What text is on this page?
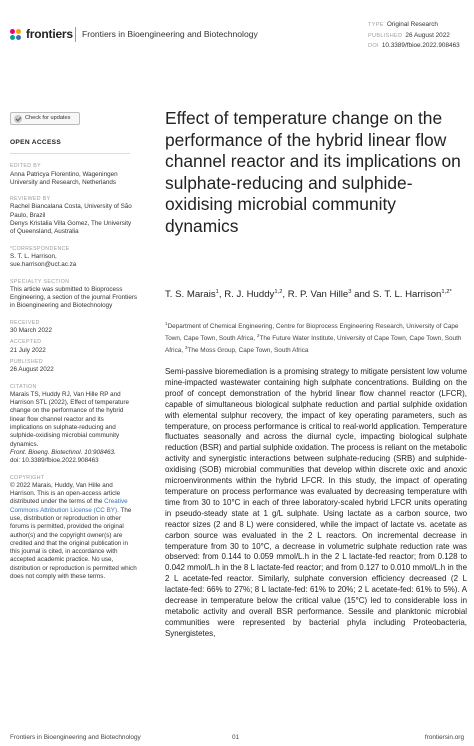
frontiers Frontiers in Bioengineering and Biotechnology
TYPE Original Research
PUBLISHED 26 August 2022
DOI 10.3389/fbioe.2022.908463
Check for updates
OPEN ACCESS
EDITED BY
Anna Patricya Florentino, Wageningen University and Research, Netherlands
REVIEWED BY
Rachel Biancalana Costa, University of São Paulo, Brazil
Denys Kristalia Villa Gomez, The University of Queensland, Australia
*CORRESPONDENCE
S. T. L. Harrison,
sue.harrison@uct.ac.za
SPECIALTY SECTION
This article was submitted to Bioprocess Engineering, a section of the journal Frontiers in Bioengineering and Biotechnology
RECEIVED
30 March 2022
ACCEPTED
21 July 2022
PUBLISHED
26 August 2022
CITATION
Marais TS, Huddy RJ, Van Hille RP and Harrison STL (2022), Effect of temperature change on the performance of the hybrid linear flow channel reactor and its implications on sulphate-reducing and sulphide-oxidising microbial community dynamics.
Front. Bioeng. Biotechnol. 10:908463.
doi: 10.3389/fbioe.2022.908463
COPYRIGHT
© 2022 Marais, Huddy, Van Hille and Harrison. This is an open-access article distributed under the terms of the Creative Commons Attribution License (CC BY). The use, distribution or reproduction in other forums is permitted, provided the original author(s) and the copyright owner(s) are credited and that the original publication in this journal is cited, in accordance with accepted academic practice. No use, distribution or reproduction is permitted which does not comply with these terms.
Effect of temperature change on the performance of the hybrid linear flow channel reactor and its implications on sulphate-reducing and sulphide-oxidising microbial community dynamics
T. S. Marais$^1$, R. J. Huddy$^{1,2}$, R. P. Van Hille$^3$ and S. T. L. Harrison$^{1,2*}$
$^1$Department of Chemical Engineering, Centre for Bioprocess Engineering Research, University of Cape Town, Cape Town, South Africa, $^2$The Future Water Institute, University of Cape Town, Cape Town, South Africa, $^3$The Moss Group, Cape Town, South Africa
Semi-passive bioremediation is a promising strategy to mitigate persistent low volume mine-impacted wastewater containing high sulphate concentrations. Building on the proof of concept demonstration of the hybrid linear flow channel reactor (LFCR), capable of simultaneous biological sulphate reduction and partial sulphide oxidation with elemental sulphur recovery, the impact of key operating parameters, such as temperature, on process performance is critical to real-world application. Temperature fluctuates seasonally and across the diurnal cycle, impacting biological sulphate reduction (BSR) and partial sulphide oxidation. The process is reliant on the metabolic activity and synergistic interactions between sulphate-reducing (SRB) and sulphide-oxidising (SOB) microbial communities that develop within discrete oxic and anoxic microenvironments within the hybrid LFCR. In this study, the impact of operating temperature on process performance was evaluated by decreasing temperature with time from 30 to 10°C in each of three laboratory-scaled hybrid LFCR units operating in pseudo-steady state at 1 g/L sulphate. Using lactate as a carbon source, two reactor sizes (2 and 8 L) were considered, while the impact of lactate vs. acetate as carbon source was evaluated in the 2 L reactors. On incremental decrease in temperature from 30 to 10°C, a decrease in volumetric sulphate reduction rate was observed: from 0.144 to 0.059 mmol/L.h in the 2 L lactate-fed reactor; from 0.128 to 0.042 mmol/L.h in the 8 L lactate-fed reactor; and from 0.127 to 0.010 mmol/L.h in the 2 L acetate-fed reactor. Similarly, sulphate conversion efficiency decreased (2 L lactate-fed: 66% to 27%; 8 L lactate-fed: 61% to 20%; 2 L acetate-fed: 61% to 5%). A decrease in temperature below the critical value (15°C) led to considerable loss in metabolic activity and overall BSR performance. Sessile and planktonic microbial communities were represented by bacterial phyla including Proteobacteria, Synergistetes,
Frontiers in Bioengineering and Biotechnology	01	frontiersin.org
